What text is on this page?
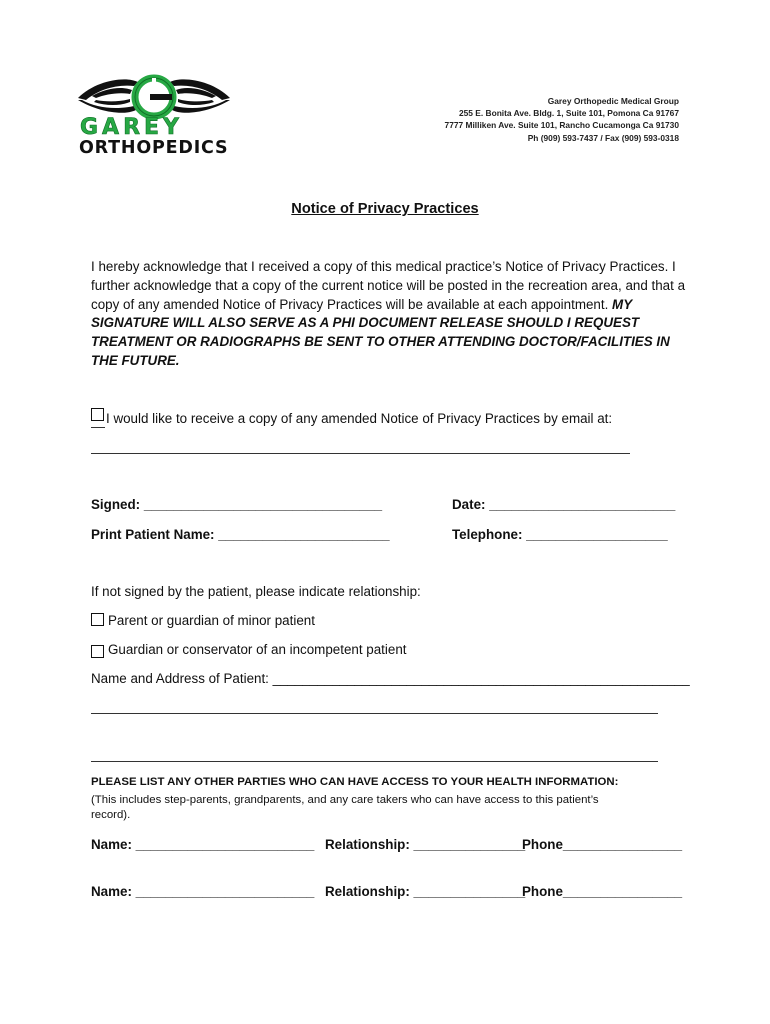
GAREY
ORTHOPEDICS
Garey Orthopedic Medical Group
255 E. Bonita Ave. Bldg. 1, Suite 101, Pomona Ca 91767
7777 Milliken Ave. Suite 101, Rancho Cucamonga Ca 91730
Ph (909) 593-7437 / Fax (909) 593-0318
Notice of Privacy Practices
I hereby acknowledge that I received a copy of this medical practice’s Notice of Privacy Practices. I further acknowledge that a copy of the current notice will be posted in the recreation area, and that a copy of any amended Notice of Privacy Practices will be available at each appointment. MY SIGNATURE WILL ALSO SERVE AS A PHI DOCUMENT RELEASE SHOULD I REQUEST TREATMENT OR RADIOGRAPHS BE SENT TO OTHER ATTENDING DOCTOR/FACILITIES IN THE FUTURE.
I would like to receive a copy of any amended Notice of Privacy Practices by email at:
Signed: ________________________________	Date: _________________________
Print Patient Name: _______________________	Telephone: ___________________
If not signed by the patient, please indicate relationship:
Parent or guardian of minor patient
Guardian or conservator of an incompetent patient
Name and Address of Patient: ________________________________________________________
PLEASE LIST ANY OTHER PARTIES WHO CAN HAVE ACCESS TO YOUR HEALTH INFORMATION:
(This includes step-parents, grandparents, and any care takers who can have access to this patient’s
record).
Name: ________________________ Relationship: _______________
Phone________________
Name: ________________________ Relationship: _______________
Phone________________
